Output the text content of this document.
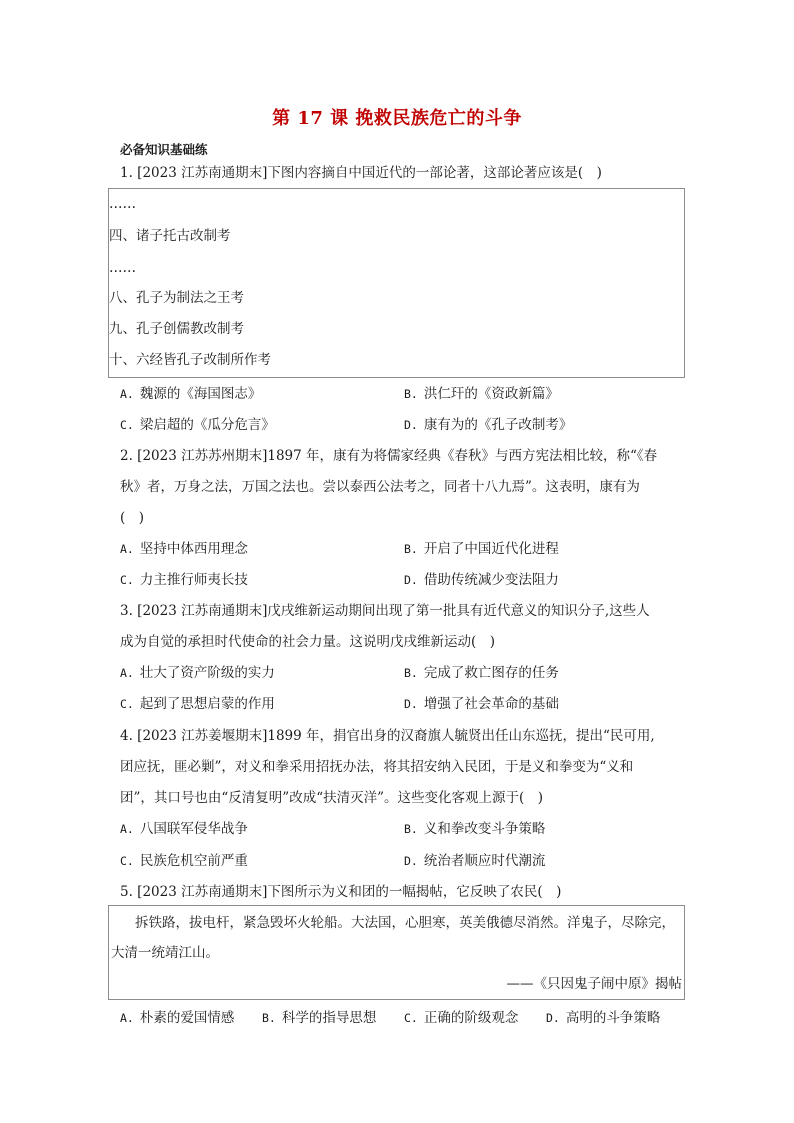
第 17 课 挽救民族危亡的斗争
必备知识基础练
1. [2023 江苏南通期末]下图内容摘自中国近代的一部论著，这部论著应该是(　)
……
四、诸子托古改制考
……
八、孔子为制法之王考
九、孔子创儒教改制考
十、六经皆孔子改制所作考
A. 魏源的《海国图志》	B. 洪仁玕的《资政新篇》
C. 梁启超的《瓜分危言》	D. 康有为的《孔子改制考》
2. [2023 江苏苏州期末]1897 年，康有为将儒家经典《春秋》与西方宪法相比较，称“《春
秋》者，万身之法，万国之法也。尝以泰西公法考之，同者十八九焉”。这表明，康有为
(　)
A. 坚持中体西用理念	B. 开启了中国近代化进程
C. 力主推行师夷长技	D. 借助传统减少变法阻力
3. [2023 江苏南通期末]戊戌维新运动期间出现了第一批具有近代意义的知识分子,这些人
成为自觉的承担时代使命的社会力量。这说明戊戌维新运动(　)
A. 壮大了资产阶级的实力	B. 完成了救亡图存的任务
C. 起到了思想启蒙的作用	D. 增强了社会革命的基础
4. [2023 江苏姜堰期末]1899 年，捐官出身的汉裔旗人毓贤出任山东巡抚，提出“民可用,
团应抚，匪必剿”，对义和拳采用招抚办法，将其招安纳入民团，于是义和拳变为“义和
团”，其口号也由“反清复明”改成“扶清灭洋”。这些变化客观上源于(　)
A. 八国联军侵华战争	B. 义和拳改变斗争策略
C. 民族危机空前严重	D. 统治者顺应时代潮流
5. [2023 江苏南通期末]下图所示为义和团的一幅揭帖，它反映了农民(　)
拆铁路，拔电杆，紧急毁坏火轮船。大法国，心胆寒，英美俄德尽消然。洋鬼子，尽除完，
大清一统靖江山。
——《只因鬼子闹中原》揭帖
A. 朴素的爱国情感 B. 科学的指导思想 C. 正确的阶级观念 D. 高明的斗争策略
